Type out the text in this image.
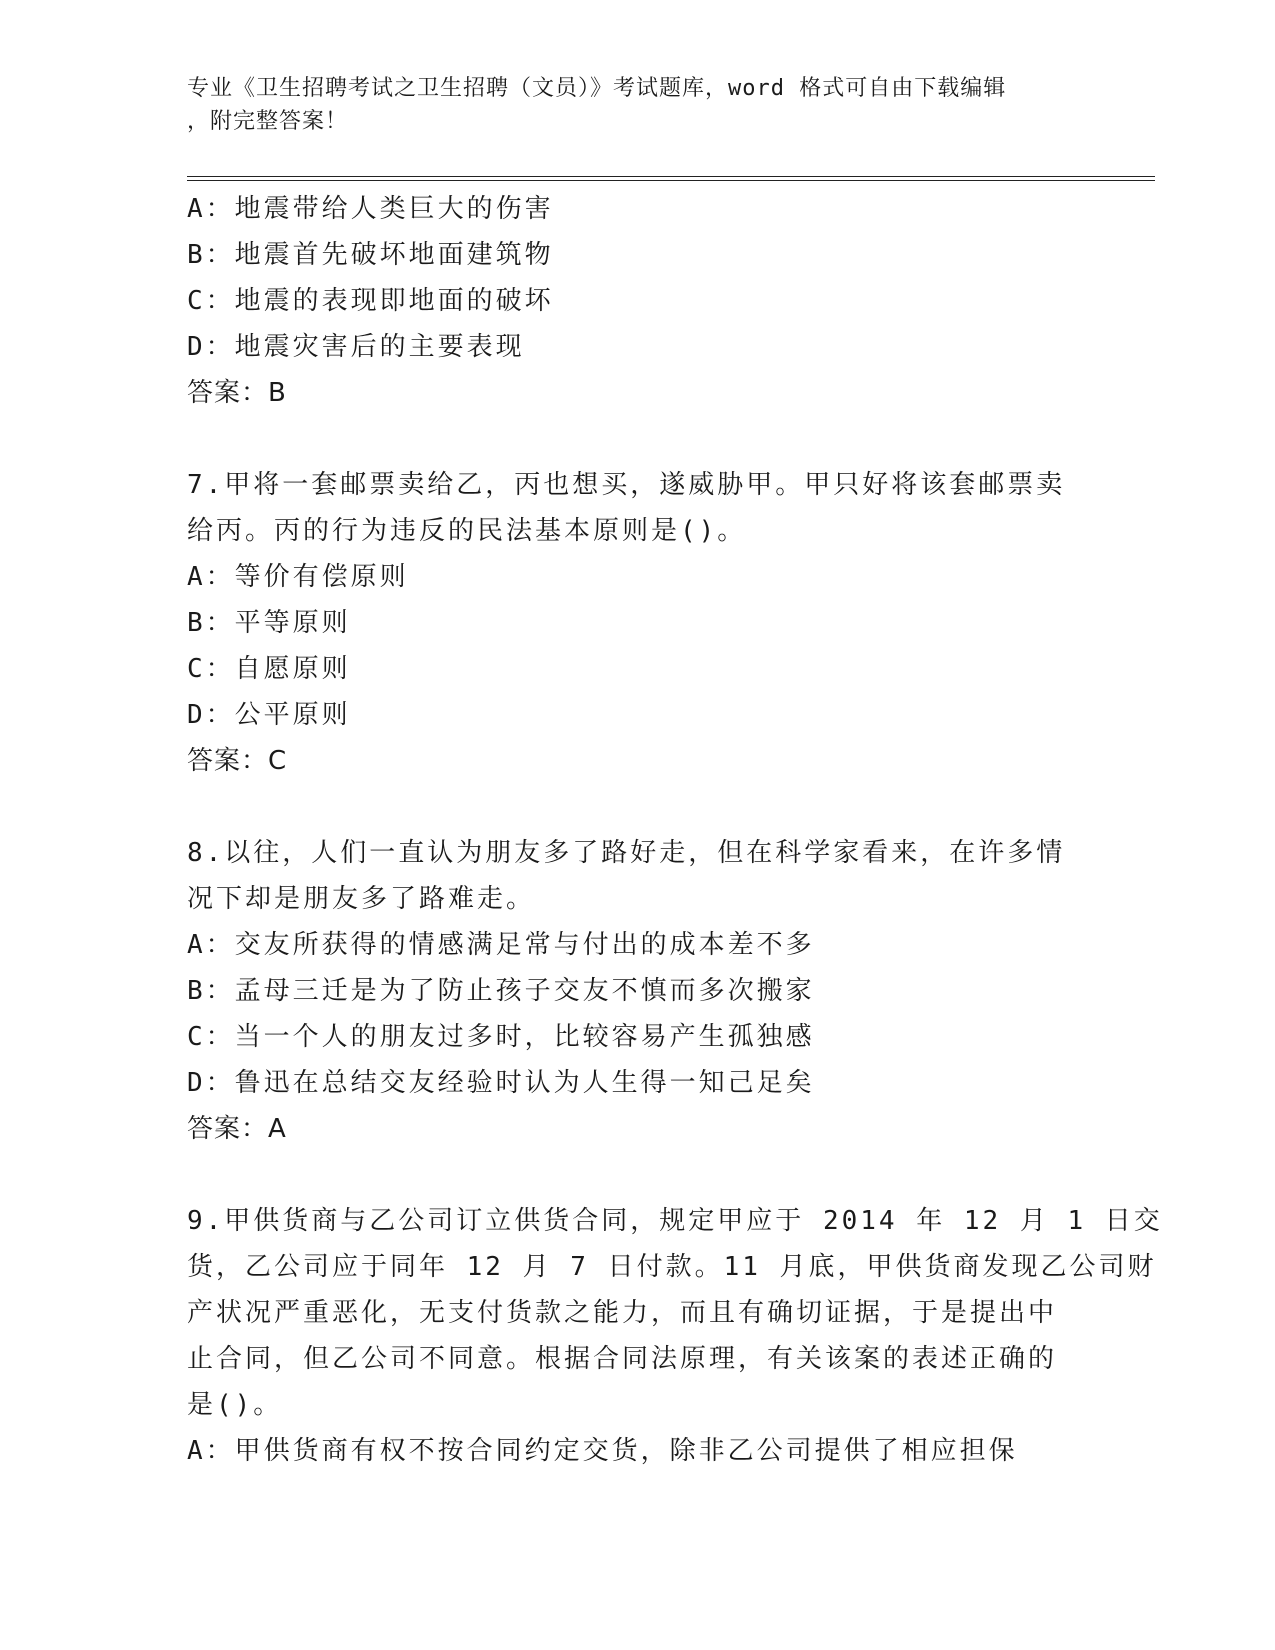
专业《卫生招聘考试之卫生招聘（文员）》考试题库，word 格式可自由下载编辑
，附完整答案！
A：地震带给人类巨大的伤害
B：地震首先破坏地面建筑物
C：地震的表现即地面的破坏
D：地震灾害后的主要表现
答案：B
7.甲将一套邮票卖给乙，丙也想买，遂威胁甲。甲只好将该套邮票卖
给丙。丙的行为违反的民法基本原则是()。
A：等价有偿原则
B：平等原则
C：自愿原则
D：公平原则
答案：C
8.以往，人们一直认为朋友多了路好走，但在科学家看来，在许多情
况下却是朋友多了路难走。
A：交友所获得的情感满足常与付出的成本差不多
B：孟母三迁是为了防止孩子交友不慎而多次搬家
C：当一个人的朋友过多时，比较容易产生孤独感
D：鲁迅在总结交友经验时认为人生得一知己足矣
答案：A
9.甲供货商与乙公司订立供货合同，规定甲应于 2014 年 12 月 1 日交
货，乙公司应于同年 12 月 7 日付款。11 月底，甲供货商发现乙公司财
产状况严重恶化，无支付货款之能力，而且有确切证据，于是提出中
止合同，但乙公司不同意。根据合同法原理，有关该案的表述正确的
是()。
A：甲供货商有权不按合同约定交货，除非乙公司提供了相应担保
